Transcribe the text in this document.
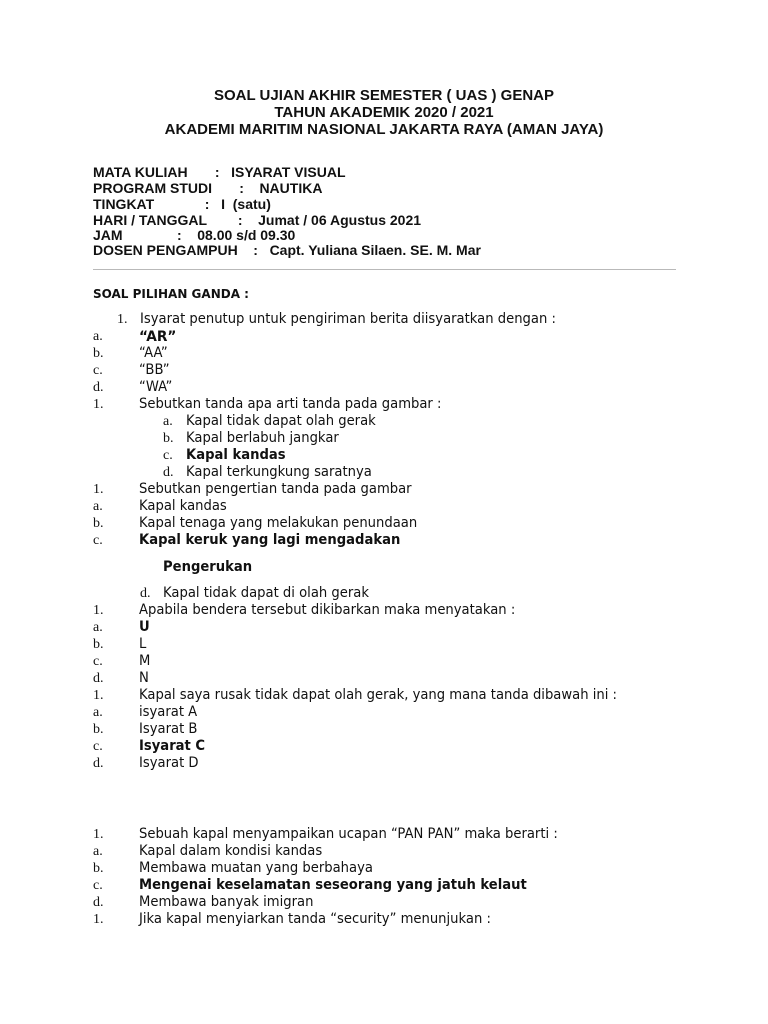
SOAL UJIAN AKHIR SEMESTER ( UAS ) GENAP
TAHUN AKADEMIK 2020 / 2021
AKADEMI MARITIM NASIONAL JAKARTA RAYA (AMAN JAYA)
MATA KULIAH       :   ISYARAT VISUAL
PROGRAM STUDI       :    NAUTIKA
TINGKAT             :   I  (satu)
HARI / TANGGAL        :    Jumat / 06 Agustus 2021
JAM              :    08.00 s/d 09.30
DOSEN PENGAMPUH    :   Capt. Yuliana Silaen. SE. M. Mar
SOAL PILIHAN GANDA :
1. Isyarat penutup untuk pengiriman berita diisyaratkan dengan :
a. “AR”
b.	“AA”
c.	“BB”
d.	“WA”
1.	Sebutkan tanda apa arti tanda pada gambar :
a. Kapal tidak dapat olah gerak
b. Kapal berlabuh jangkar
c. Kapal kandas
d. Kapal terkungkung saratnya
1.	Sebutkan pengertian tanda pada gambar
a.	Kapal kandas
b.	Kapal tenaga yang melakukan penundaan
c.	Kapal keruk yang lagi mengadakan
Pengerukan
d. Kapal tidak dapat di olah gerak
1.	Apabila bendera tersebut dikibarkan maka menyatakan :
a.	U
b.	L
c.	M
d.	N
1.	Kapal saya rusak tidak dapat olah gerak, yang mana tanda dibawah ini :
a.	isyarat A
b.	Isyarat B
c.	Isyarat C
d.	Isyarat D
1.	Sebuah kapal menyampaikan ucapan “PAN PAN” maka berarti :
a.	Kapal dalam kondisi kandas
b.	Membawa muatan yang berbahaya
c.	Mengenai keselamatan seseorang yang jatuh kelaut
d.	Membawa banyak imigran
1.	Jika kapal menyiarkan tanda “security” menunjukan :
